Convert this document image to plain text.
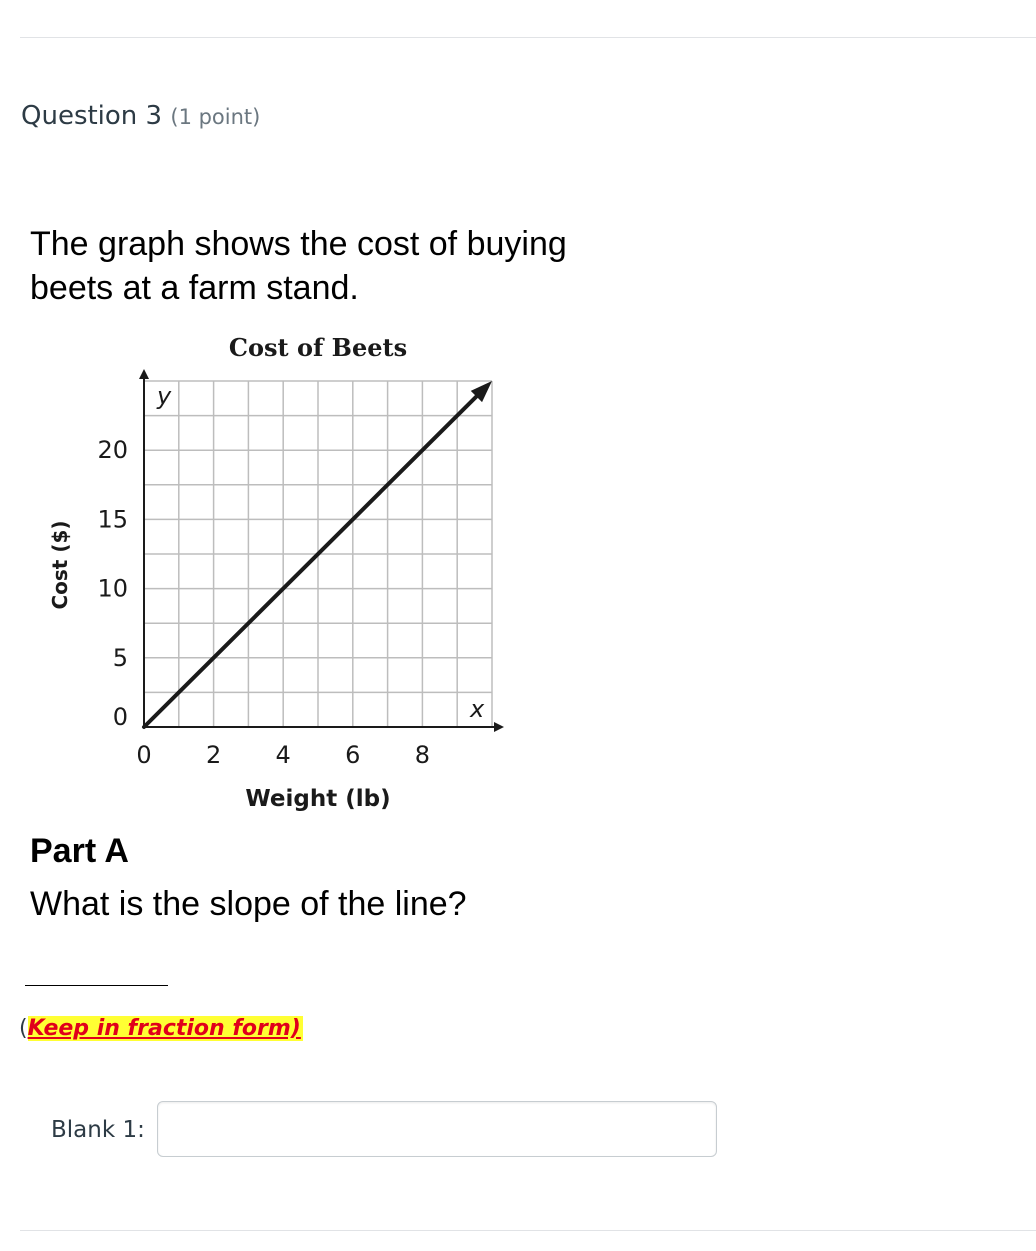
Question 3 (1 point)
The graph shows the cost of buying
beets at a farm stand.
Cost of Beets
0 2 4 6 8
0
5
10
15
20
y
x
Weight (lb)
Cost ($)
Part A
What is the slope of the line?
(Keep in fraction form)
Blank 1:
